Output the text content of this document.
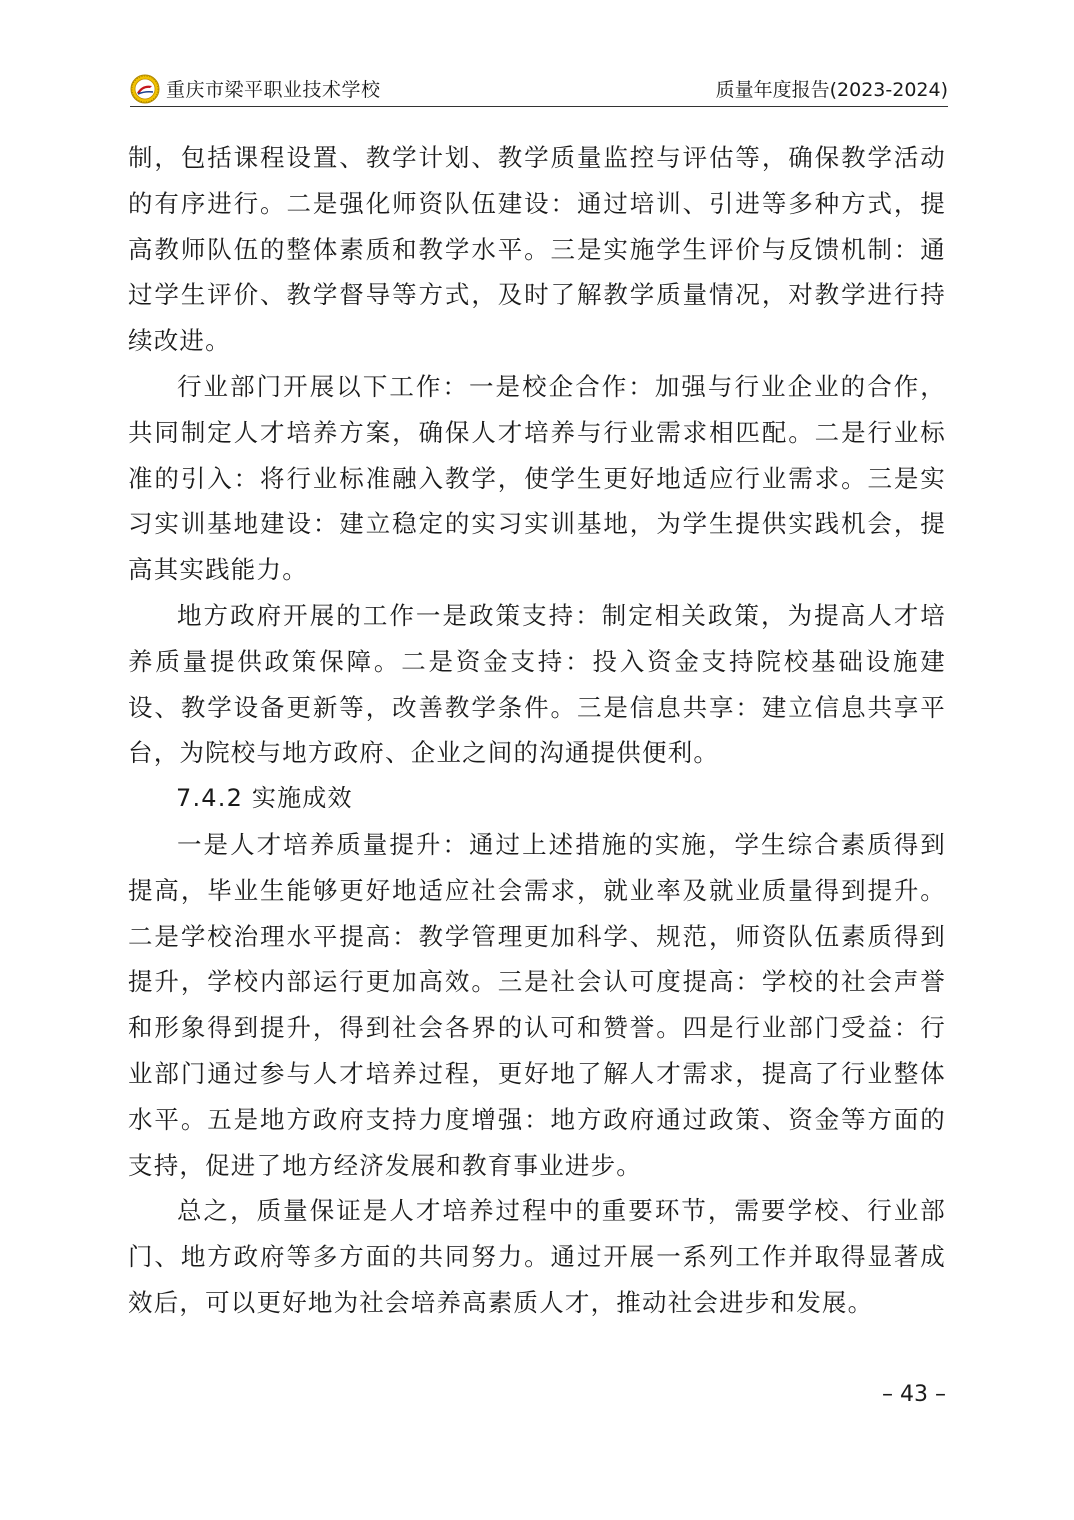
重庆市梁平职业技术学校	质量年度报告(2023-2024)

制，包括课程设置、教学计划、教学质量监控与评估等，确保教学活动的有序进行。二是强化师资队伍建设：通过培训、引进等多种方式，提高教师队伍的整体素质和教学水平。三是实施学生评价与反馈机制：通过学生评价、教学督导等方式，及时了解教学质量情况，对教学进行持续改进。

行业部门开展以下工作：一是校企合作：加强与行业企业的合作，共同制定人才培养方案，确保人才培养与行业需求相匹配。二是行业标准的引入：将行业标准融入教学，使学生更好地适应行业需求。三是实习实训基地建设：建立稳定的实习实训基地，为学生提供实践机会，提高其实践能力。

地方政府开展的工作一是政策支持：制定相关政策，为提高人才培养质量提供政策保障。二是资金支持：投入资金支持院校基础设施建设、教学设备更新等，改善教学条件。三是信息共享：建立信息共享平台，为院校与地方政府、企业之间的沟通提供便利。

7.4.2 实施成效

一是人才培养质量提升：通过上述措施的实施，学生综合素质得到提高，毕业生能够更好地适应社会需求，就业率及就业质量得到提升。二是学校治理水平提高：教学管理更加科学、规范，师资队伍素质得到提升，学校内部运行更加高效。三是社会认可度提高：学校的社会声誉和形象得到提升，得到社会各界的认可和赞誉。四是行业部门受益：行业部门通过参与人才培养过程，更好地了解人才需求，提高了行业整体水平。五是地方政府支持力度增强：地方政府通过政策、资金等方面的支持，促进了地方经济发展和教育事业进步。

总之，质量保证是人才培养过程中的重要环节，需要学校、行业部门、地方政府等多方面的共同努力。通过开展一系列工作并取得显著成效后，可以更好地为社会培养高素质人才，推动社会进步和发展。

– 43 –
